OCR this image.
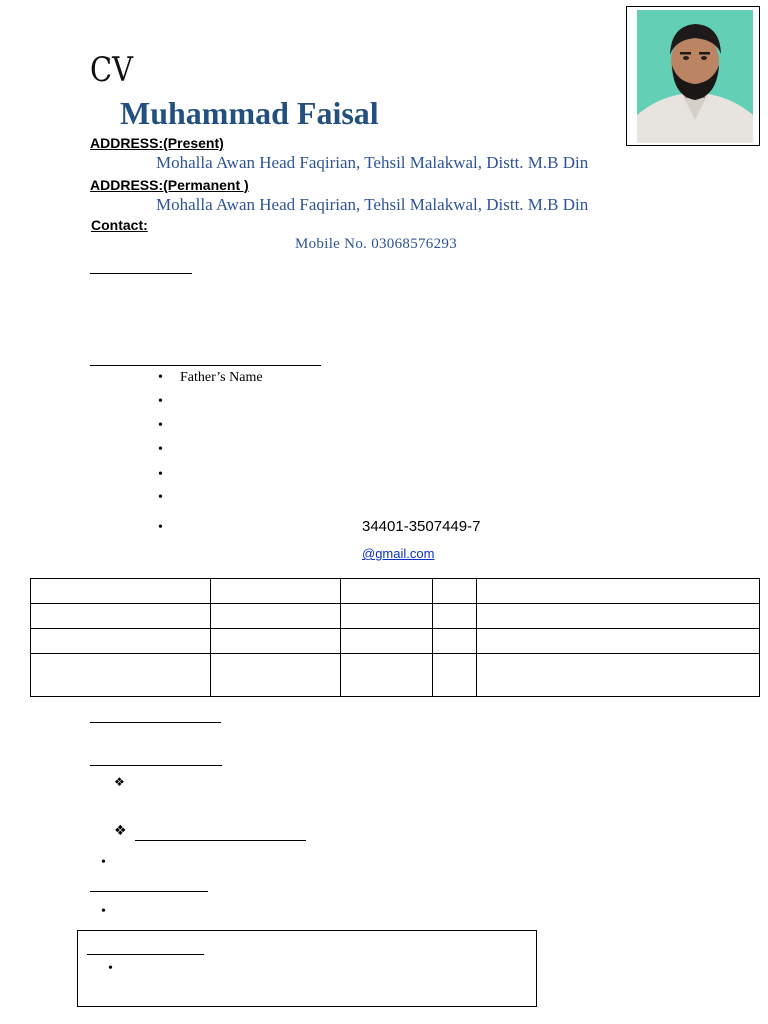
CV
Muhammad Faisal
ADDRESS:(Present)
Mohalla Awan Head Faqirian, Tehsil Malakwal, Distt. M.B Din
ADDRESS:(Permanent )
Mohalla Awan Head Faqirian, Tehsil Malakwal, Distt. M.B Din
Contact:
Mobile No. 03068576293
• Father’s Name
•
•
•
•
•
•	34401-3507449-7
@gmail.com

❖
❖
•
•
•
